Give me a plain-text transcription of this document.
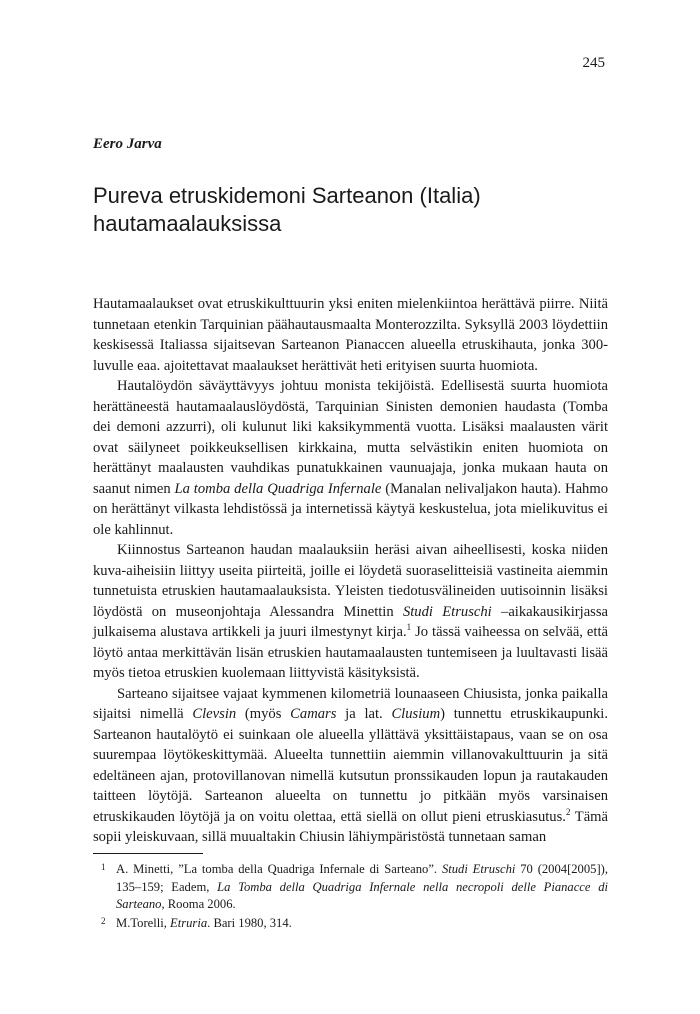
245
Eero Jarva
Pureva etruskidemoni Sarteanon (Italia) hautamaalauksissa

Hautamaalaukset ovat etruskikulttuurin yksi eniten mielenkiintoa herättävä piirre. Niitä tunnetaan etenkin Tarquinian päähautausmaalta Monterozzilta. Syksyllä 2003 löydettiin keskisessä Italiassa sijaitsevan Sarteanon Pianaccen alueella etruskihauta, jonka 300-luvulle eaa. ajoitettavat maalaukset herättivät heti erityisen suurta huomiota.

Hautalöydön säväyttävyys johtuu monista tekijöistä. Edellisestä suurta huomiota herättäneestä hautamaalauslöydöstä, Tarquinian Sinisten demonien haudasta (Tomba dei demoni azzurri), oli kulunut liki kaksikymmentä vuotta. Lisäksi maalausten värit ovat säilyneet poikkeuksellisen kirkkaina, mutta selvästikin eniten huomiota on herättänyt maalausten vauhdikas punatukkainen vaunuajaja, jonka mukaan hauta on saanut nimen La tomba della Quadriga Infernale (Manalan nelivaljakon hauta). Hahmo on herättänyt vilkasta lehdistössä ja internetissä käytyä keskustelua, jota mielikuvitus ei ole kahlinnut.

Kiinnostus Sarteanon haudan maalauksiin heräsi aivan aiheellisesti, koska niiden kuva-aiheisiin liittyy useita piirteitä, joille ei löydetä suoraselitteisiä vastineita aiemmin tunnetuista etruskien hautamaalauksista. Yleisten tiedotusvälineiden uutisoinnin lisäksi löydöstä on museonjohtaja Alessandra Minettin Studi Etruschi –aikakausikirjassa julkaisema alustava artikkeli ja juuri ilmestynyt kirja.$^1$ Jo tässä vaiheessa on selvää, että löytö antaa merkittävän lisän etruskien hautamaalausten tuntemiseen ja luultavasti lisää myös tietoa etruskien kuolemaan liittyvistä käsityksistä.

Sarteano sijaitsee vajaat kymmenen kilometriä lounaaseen Chiusista, jonka paikalla sijaitsi nimellä Clevsin (myös Camars ja lat. Clusium) tunnettu etruskikaupunki. Sarteanon hautalöytö ei suinkaan ole alueella yllättävä yksittäistapaus, vaan se on osa suurempaa löytökeskittymää. Alueelta tunnettiin aiemmin villanovakulttuurin ja sitä edeltäneen ajan, protovillanovan nimellä kutsutun pronssikauden lopun ja rautakauden taitteen löytöjä. Sarteanon alueelta on tunnettu jo pitkään myös varsinaisen etruskikauden löytöjä ja on voitu olettaa, että siellä on ollut pieni etruskiasutus.$^2$ Tämä sopii yleiskuvaan, sillä muualtakin Chiusin lähiympäristöstä tunnetaan saman

1 A. Minetti, ”La tomba della Quadriga Infernale di Sarteano”. Studi Etruschi 70 (2004[2005]), 135–159; Eadem, La Tomba della Quadriga Infernale nella necropoli delle Pianacce di Sarteano, Rooma 2006.

2 M.Torelli, Etruria. Bari 1980, 314.
